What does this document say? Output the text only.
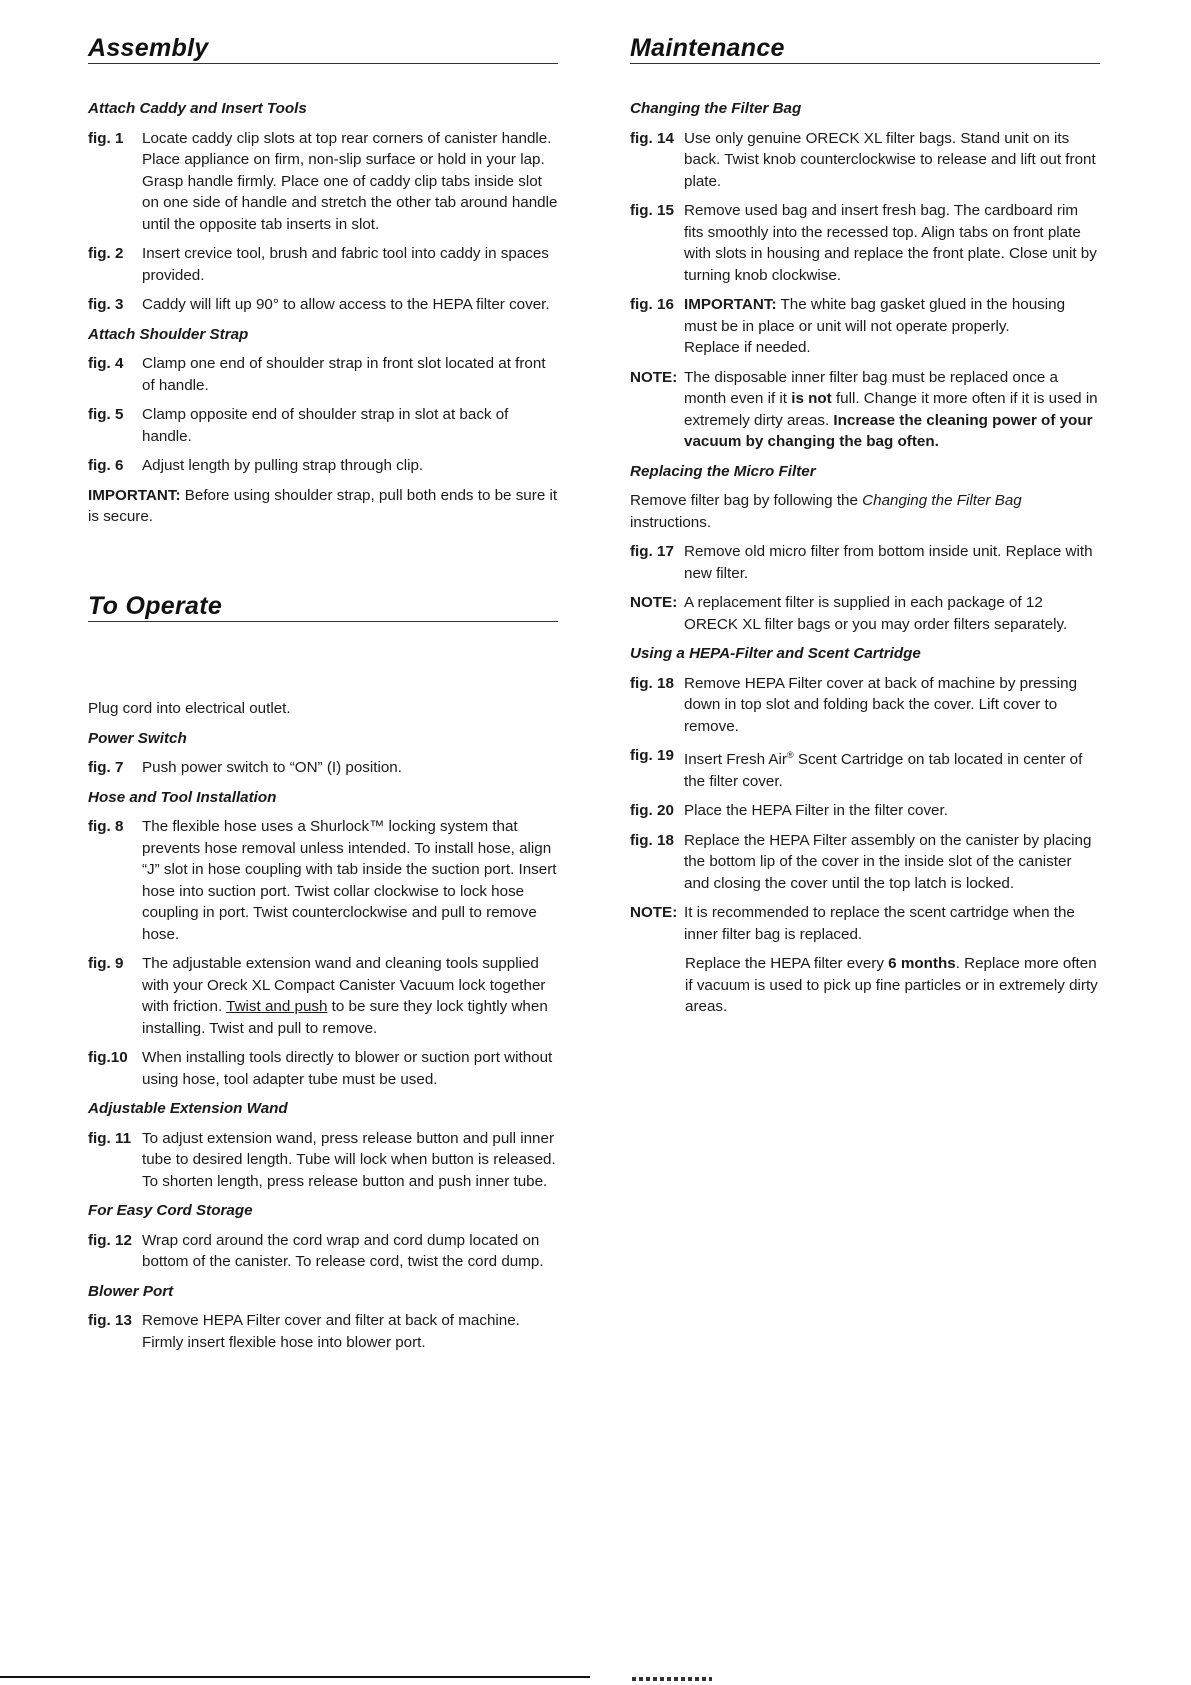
Assembly
Attach Caddy and Insert Tools
fig. 1	Locate caddy clip slots at top rear corners of canister handle. Place appliance on firm, non-slip surface or hold in your lap. Grasp handle firmly. Place one of caddy clip tabs inside slot on one side of handle and stretch the other tab around handle until the opposite tab inserts in slot.
fig. 2	Insert crevice tool, brush and fabric tool into caddy in spaces provided.
fig. 3	Caddy will lift up 90° to allow access to the HEPA filter cover.
Attach Shoulder Strap
fig. 4	Clamp one end of shoulder strap in front slot located at front of handle.
fig. 5	Clamp opposite end of shoulder strap in slot at back of handle.
fig. 6	Adjust length by pulling strap through clip.
IMPORTANT: Before using shoulder strap, pull both ends to be sure it is secure.
To Operate
Plug cord into electrical outlet.
Power Switch
fig. 7	Push power switch to “ON” (I) position.
Hose and Tool Installation
fig. 8	The flexible hose uses a Shurlock™ locking system that prevents hose removal unless intended. To install hose, align “J” slot in hose coupling with tab inside the suction port. Insert hose into suction port. Twist collar clockwise to lock hose coupling in port. Twist counterclockwise and pull to remove hose.
fig. 9	The adjustable extension wand and cleaning tools supplied with your Oreck XL Compact Canister Vacuum lock together with friction. Twist and push to be sure they lock tightly when installing. Twist and pull to remove.
fig.10 When installing tools directly to blower or suction port without using hose, tool adapter tube must be used.
Adjustable Extension Wand
fig. 11 To adjust extension wand, press release button and pull inner tube to desired length. Tube will lock when button is released. To shorten length, press release button and push inner tube.
For Easy Cord Storage
fig. 12 Wrap cord around the cord wrap and cord dump located on bottom of the canister. To release cord, twist the cord dump.
Blower Port
fig. 13 Remove HEPA Filter cover and filter at back of machine. Firmly insert flexible hose into blower port.
Maintenance
Changing the Filter Bag
fig. 14 Use only genuine ORECK XL filter bags. Stand unit on its back. Twist knob counterclockwise to release and lift out front plate.
fig. 15 Remove used bag and insert fresh bag. The cardboard rim fits smoothly into the recessed top. Align tabs on front plate with slots in housing and replace the front plate. Close unit by turning knob clockwise.
fig. 16 IMPORTANT: The white bag gasket glued in the housing must be in place or unit will not operate properly.
Replace if needed.
NOTE: The disposable inner filter bag must be replaced once a month even if it is not full. Change it more often if it is used in extremely dirty areas. Increase the cleaning power of your vacuum by changing the bag often.
Replacing the Micro Filter
Remove filter bag by following the Changing the Filter Bag instructions.
fig. 17 Remove old micro filter from bottom inside unit. Replace with new filter.
NOTE: A replacement filter is supplied in each package of 12 ORECK XL filter bags or you may order filters separately.
Using a HEPA-Filter and Scent Cartridge
fig. 18 Remove HEPA Filter cover at back of machine by pressing down in top slot and folding back the cover. Lift cover to remove.
fig. 19 Insert Fresh Air® Scent Cartridge on tab located in center of the filter cover.
fig. 20 Place the HEPA Filter in the filter cover.
fig. 18 Replace the HEPA Filter assembly on the canister by placing the bottom lip of the cover in the inside slot of the canister and closing the cover until the top latch is locked.
NOTE: It is recommended to replace the scent cartridge when the inner filter bag is replaced.
Replace the HEPA filter every 6 months. Replace more often if vacuum is used to pick up fine particles or in extremely dirty areas.
